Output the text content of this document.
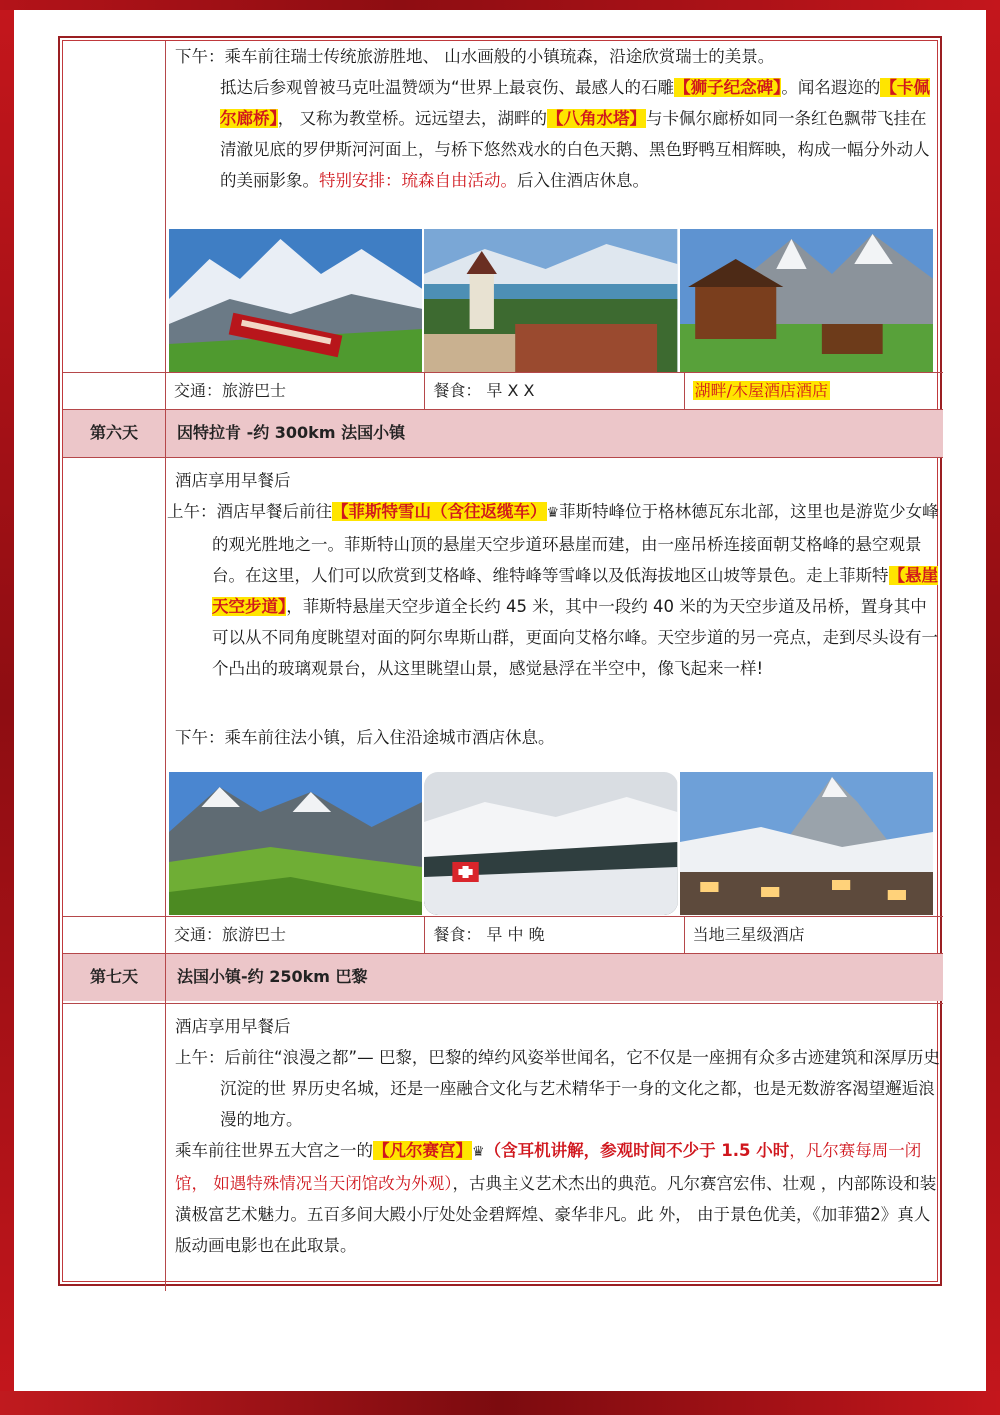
下午：乘车前往瑞士传统旅游胜地、 山水画般的小镇琉森，沿途欣赏瑞士的美景。
抵达后参观曾被马克吐温赞颂为“世界上最哀伤、最感人的石雕【狮子纪念碑】。闻名遐迩的【卡佩尔廊桥】， 又称为教堂桥。远远望去，湖畔的【八角水塔】与卡佩尔廊桥如同一条红色飘带飞挂在清澈见底的罗伊斯河河面上，与桥下悠然戏水的白色天鹅、黑色野鸭互相辉映，构成一幅分外动人的美丽影象。特别安排：琉森自由活动。后入住酒店休息。
交通：旅游巴士	餐食： 早 X X	湖畔/木屋酒店酒店
第六天	因特拉肯 -约 300km 法国小镇
酒店享用早餐后
上午：酒店早餐后前往【菲斯特雪山（含往返缆车）♛菲斯特峰位于格林德瓦东北部，这里也是游览少女峰的观光胜地之一。菲斯特山顶的悬崖天空步道环悬崖而建，由一座吊桥连接面朝艾格峰的悬空观景台。在这里，人们可以欣赏到艾格峰、维特峰等雪峰以及低海拔地区山坡等景色。走上菲斯特【悬崖天空步道】，菲斯特悬崖天空步道全长约 45 米，其中一段约 40 米的为天空步道及吊桥，置身其中可以从不同角度眺望对面的阿尔卑斯山群，更面向艾格尔峰。天空步道的另一亮点，走到尽头设有一个凸出的玻璃观景台，从这里眺望山景，感觉悬浮在半空中，像飞起来一样!
下午：乘车前往法小镇，后入住沿途城市酒店休息。
交通：旅游巴士	餐食： 早 中 晚	当地三星级酒店
第七天	法国小镇-约 250km 巴黎
酒店享用早餐后
上午：后前往“浪漫之都”— 巴黎，巴黎的绰约风姿举世闻名，它不仅是一座拥有众多古迹建筑和深厚历史沉淀的世 界历史名城，还是一座融合文化与艺术精华于一身的文化之都，也是无数游客渴望邂逅浪漫的地方。
乘车前往世界五大宫之一的【凡尔赛宫】♛（含耳机讲解，参观时间不少于 1.5 小时，凡尔赛每周一闭馆， 如遇特殊情况当天闭馆改为外观），古典主义艺术杰出的典范。凡尔赛宫宏伟、壮观 ，内部陈设和装潢极富艺术魅力。五百多间大殿小厅处处金碧辉煌、豪华非凡。此 外， 由于景色优美，《加菲猫2》真人版动画电影也在此取景。
